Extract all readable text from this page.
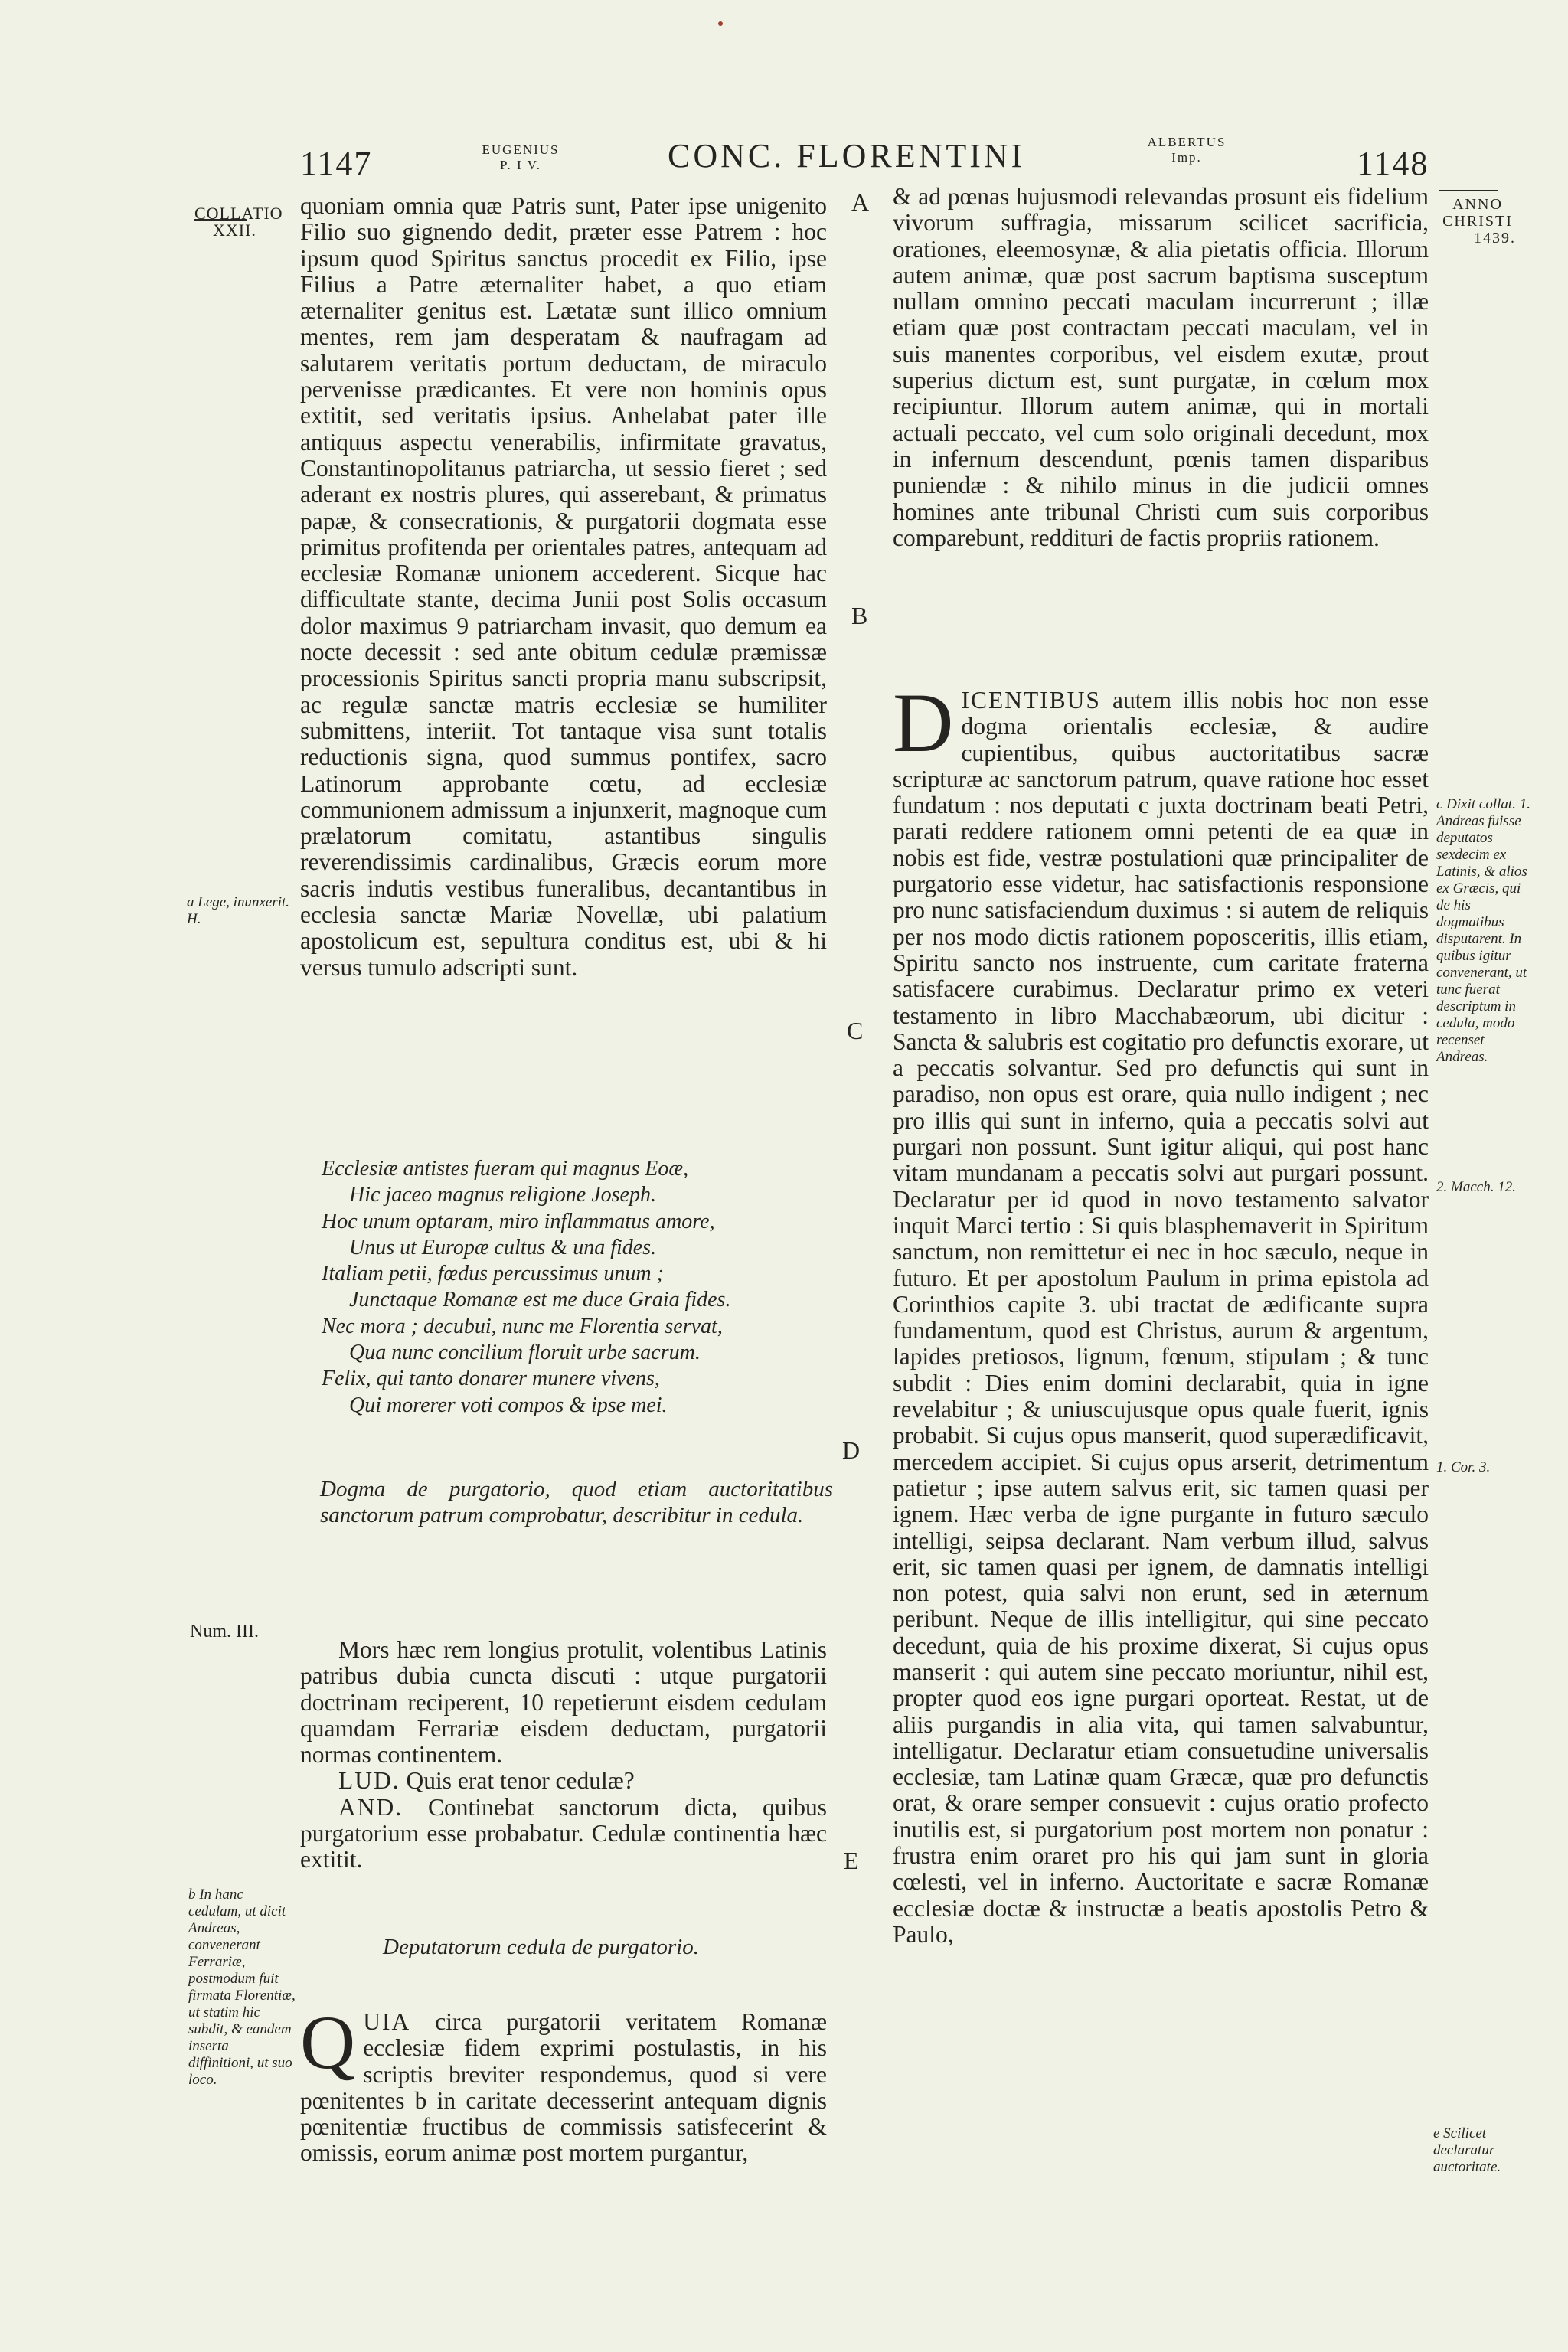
1147	EUGENIUS
P. I V.	CONC. FLORENTINI	ALBERTUS
Imp.	1148
COLLATIO
XXII.
a Lege, inunxerit. H.
Num. III.
b In hanc cedulam, ut dicit Andreas, convenerant Ferrariæ, postmodum fuit firmata Florentiæ, ut statim hic subdit, & eandem inserta diffinitioni, ut suo loco.
ANNO
CHRISTI
1439.
c Dixit collat. 1. Andreas fuisse deputatos sexdecim ex Latinis, & alios ex Græcis, qui de his dogmatibus disputarent. In quibus igitur convenerant, ut tunc fuerat descriptum in cedula, modo recenset Andreas.
2. Macch. 12.
1. Cor. 3.
e Scilicet declaratur auctoritate.
A
B
C
D
E

quoniam omnia quæ Patris sunt, Pater ipse unigenito Filio suo gignendo dedit, præter esse Patrem : hoc ipsum quod Spiritus sanctus procedit ex Filio, ipse Filius a Patre æternaliter habet, a quo etiam æternaliter genitus est. Lætatæ sunt illico omnium mentes, rem jam desperatam & naufragam ad salutarem veritatis portum deductam, de miraculo pervenisse prædicantes. Et vere non hominis opus extitit, sed veritatis ipsius. Anhelabat pater ille antiquus aspectu venerabilis, infirmitate gravatus, Constantinopolitanus patriarcha, ut sessio fieret ; sed aderant ex nostris plures, qui asserebant, & primatus papæ, & consecrationis, & purgatorii dogmata esse primitus profitenda per orientales patres, antequam ad ecclesiæ Romanæ unionem accederent. Sicque hac difficultate stante, decima Junii post Solis occasum dolor maximus 9 patriarcham invasit, quo demum ea nocte decessit : sed ante obitum cedulæ præmissæ processionis Spiritus sancti propria manu subscripsit, ac regulæ sanctæ matris ecclesiæ se humiliter submittens, interiit. Tot tantaque visa sunt totalis reductionis signa, quod summus pontifex, sacro Latinorum approbante cœtu, ad ecclesiæ communionem admissum a injunxerit, magnoque cum prælatorum comitatu, astantibus singulis reverendissimis cardinalibus, Græcis eorum more sacris indutis vestibus funeralibus, decantantibus in ecclesia sanctæ Mariæ Novellæ, ubi palatium apostolicum est, sepultura conditus est, ubi & hi versus tumulo adscripti sunt.

Ecclesiæ antistes fueram qui magnus Eoæ,
Hic jaceo magnus religione Joseph.
Hoc unum optaram, miro inflammatus amore,
Unus ut Europæ cultus & una fides.
Italiam petii, fœdus percussimus unum ;
Junctaque Romanæ est me duce Graia fides.
Nec mora ; decubui, nunc me Florentia servat,
Qua nunc concilium floruit urbe sacrum.
Felix, qui tanto donarer munere vivens,
Qui morerer voti compos & ipse mei.
Dogma de purgatorio, quod etiam auctoritatibus sanctorum patrum comprobatur, describitur in cedula.

Mors hæc rem longius protulit, volentibus Latinis patribus dubia cuncta discuti : utque purgatorii doctrinam reciperent, 10 repetierunt eisdem cedulam quamdam Ferrariæ eisdem deductam, purgatorii normas continentem.

LUD. Quis erat tenor cedulæ?

AND. Continebat sanctorum dicta, quibus purgatorium esse probabatur. Cedulæ continentia hæc extitit.

Deputatorum cedula de purgatorio.

QUIA circa purgatorii veritatem Romanæ ecclesiæ fidem exprimi postulastis, in his scriptis breviter respondemus, quod si vere pœnitentes b in caritate decesserint antequam dignis pœnitentiæ fructibus de commissis satisfecerint & omissis, eorum animæ post mortem purgantur,

& ad pœnas hujusmodi relevandas prosunt eis fidelium vivorum suffragia, missarum scilicet sacrificia, orationes, eleemosynæ, & alia pietatis officia. Illorum autem animæ, quæ post sacrum baptisma susceptum nullam omnino peccati maculam incurrerunt ; illæ etiam quæ post contractam peccati maculam, vel in suis manentes corporibus, vel eisdem exutæ, prout superius dictum est, sunt purgatæ, in cœlum mox recipiuntur. Illorum autem animæ, qui in mortali actuali peccato, vel cum solo originali decedunt, mox in infernum descendunt, pœnis tamen disparibus puniendæ : & nihilo minus in die judicii omnes homines ante tribunal Christi cum suis corporibus comparebunt, reddituri de factis propriis rationem.

DICENTIBUS autem illis nobis hoc non esse dogma orientalis ecclesiæ, & audire cupientibus, quibus auctoritatibus sacræ scripturæ ac sanctorum patrum, quave ratione hoc esset fundatum : nos deputati c juxta doctrinam beati Petri, parati reddere rationem omni petenti de ea quæ in nobis est fide, vestræ postulationi quæ principaliter de purgatorio esse videtur, hac satisfactionis responsione pro nunc satisfaciendum duximus : si autem de reliquis per nos modo dictis rationem poposceritis, illis etiam, Spiritu sancto nos instruente, cum caritate fraterna satisfacere curabimus. Declaratur primo ex veteri testamento in libro Macchabæorum, ubi dicitur : Sancta & salubris est cogitatio pro defunctis exorare, ut a peccatis solvantur. Sed pro defunctis qui sunt in paradiso, non opus est orare, quia nullo indigent ; nec pro illis qui sunt in inferno, quia a peccatis solvi aut purgari non possunt. Sunt igitur aliqui, qui post hanc vitam mundanam a peccatis solvi aut purgari possunt. Declaratur per id quod in novo testamento salvator inquit Marci tertio : Si quis blasphemaverit in Spiritum sanctum, non remittetur ei nec in hoc sæculo, neque in futuro. Et per apostolum Paulum in prima epistola ad Corinthios capite 3. ubi tractat de ædificante supra fundamentum, quod est Christus, aurum & argentum, lapides pretiosos, lignum, fœnum, stipulam ; & tunc subdit : Dies enim domini declarabit, quia in igne revelabitur ; & uniuscujusque opus quale fuerit, ignis probabit. Si cujus opus manserit, quod superædificavit, mercedem accipiet. Si cujus opus arserit, detrimentum patietur ; ipse autem salvus erit, sic tamen quasi per ignem. Hæc verba de igne purgante in futuro sæculo intelligi, seipsa declarant. Nam verbum illud, salvus erit, sic tamen quasi per ignem, de damnatis intelligi non potest, quia salvi non erunt, sed in æternum peribunt. Neque de illis intelligitur, qui sine peccato decedunt, quia de his proxime dixerat, Si cujus opus manserit : qui autem sine peccato moriuntur, nihil est, propter quod eos igne purgari oporteat. Restat, ut de aliis purgandis in alia vita, qui tamen salvabuntur, intelligatur. Declaratur etiam consuetudine universalis ecclesiæ, tam Latinæ quam Græcæ, quæ pro defunctis orat, & orare semper consuevit : cujus oratio profecto inutilis est, si purgatorium post mortem non ponatur : frustra enim oraret pro his qui jam sunt in gloria cœlesti, vel in inferno. Auctoritate e sacræ Romanæ ecclesiæ doctæ & instructæ a beatis apostolis Petro & Paulo,
